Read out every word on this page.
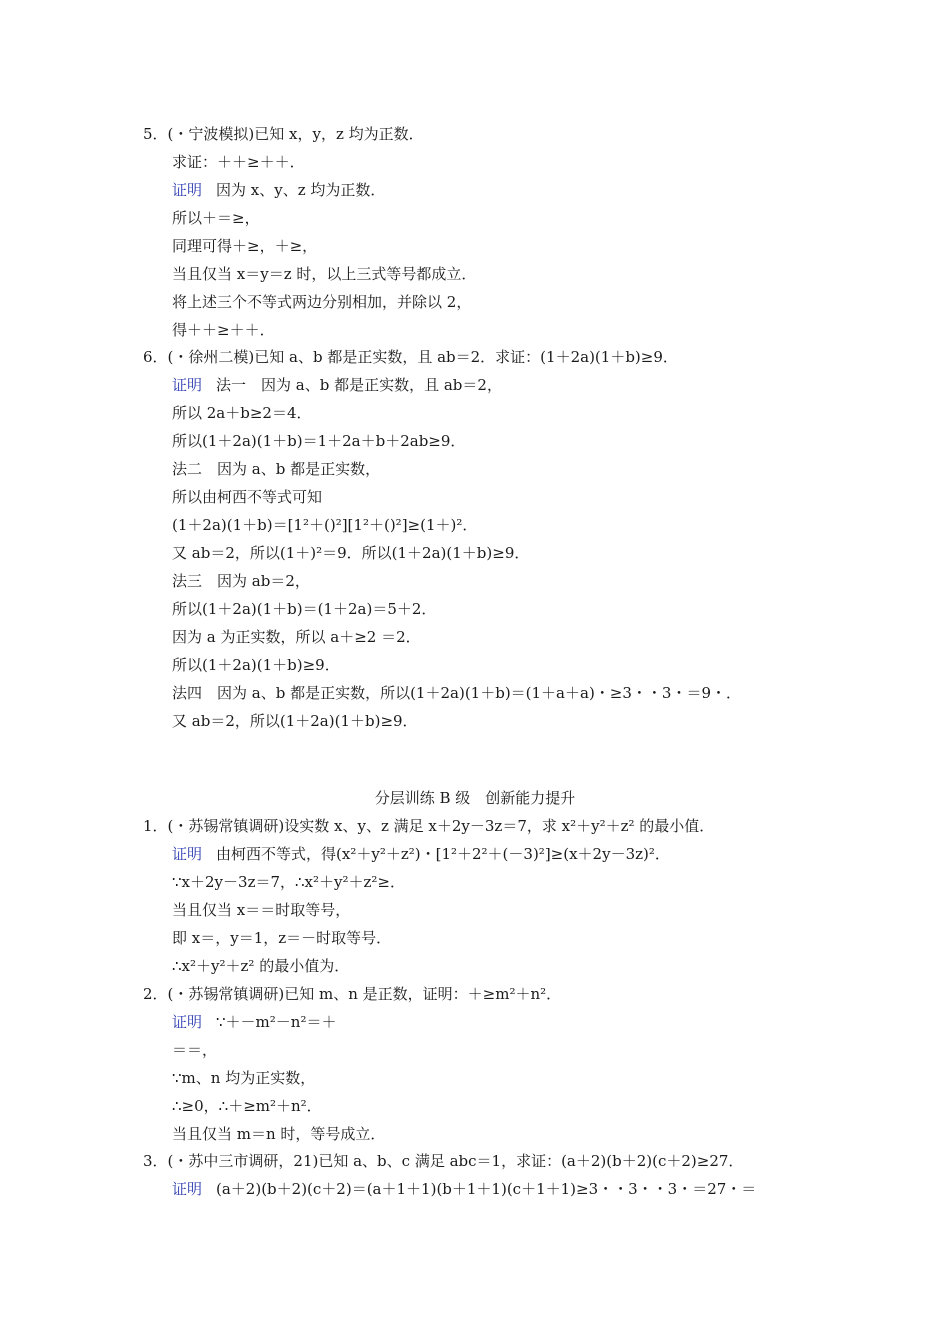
5．(・宁波模拟)已知 x，y，z 均为正数．
求证：＋＋≥＋＋．
证明 因为 x、y、z 均为正数．
所以＋＝≥，
同理可得＋≥，＋≥，
当且仅当 x＝y＝z 时，以上三式等号都成立．
将上述三个不等式两边分别相加，并除以 2，
得＋＋≥＋＋．
6．(・徐州二模)已知 a、b 都是正实数，且 ab＝2．求证：(1＋2a)(1＋b)≥9．
证明 法一　因为 a、b 都是正实数，且 ab＝2，
所以 2a＋b≥2＝4．
所以(1＋2a)(1＋b)＝1＋2a＋b＋2ab≥9．
法二　因为 a、b 都是正实数，
所以由柯西不等式可知
(1＋2a)(1＋b)＝[1²＋()²][1²＋()²]≥(1＋)²．
又 ab＝2，所以(1＋)²＝9．所以(1＋2a)(1＋b)≥9．
法三　因为 ab＝2，
所以(1＋2a)(1＋b)＝(1＋2a)＝5＋2．
因为 a 为正实数，所以 a＋≥2 ＝2．
所以(1＋2a)(1＋b)≥9．
法四　因为 a、b 都是正实数，所以(1＋2a)(1＋b)＝(1＋a＋a)・≥3・・3・＝9・．
又 ab＝2，所以(1＋2a)(1＋b)≥9．
分层训练 B 级　创新能力提升
1．(・苏锡常镇调研)设实数 x、y、z 满足 x＋2y－3z＝7，求 x²＋y²＋z² 的最小值．
证明 由柯西不等式，得(x²＋y²＋z²)・[1²＋2²＋(－3)²]≥(x＋2y－3z)²．
∵x＋2y－3z＝7，∴x²＋y²＋z²≥．
当且仅当 x＝＝时取等号，
即 x＝，y＝1，z＝－时取等号．
∴x²＋y²＋z² 的最小值为．
2．(・苏锡常镇调研)已知 m、n 是正数，证明：＋≥m²＋n²．
证明 ∵＋－m²－n²＝＋
＝＝，
∵m、n 均为正实数，
∴≥0，∴＋≥m²＋n²．
当且仅当 m＝n 时，等号成立．
3．(・苏中三市调研，21)已知 a、b、c 满足 abc＝1，求证：(a＋2)(b＋2)(c＋2)≥27．
证明 (a＋2)(b＋2)(c＋2)＝(a＋1＋1)(b＋1＋1)(c＋1＋1)≥3・・3・・3・＝27・＝
